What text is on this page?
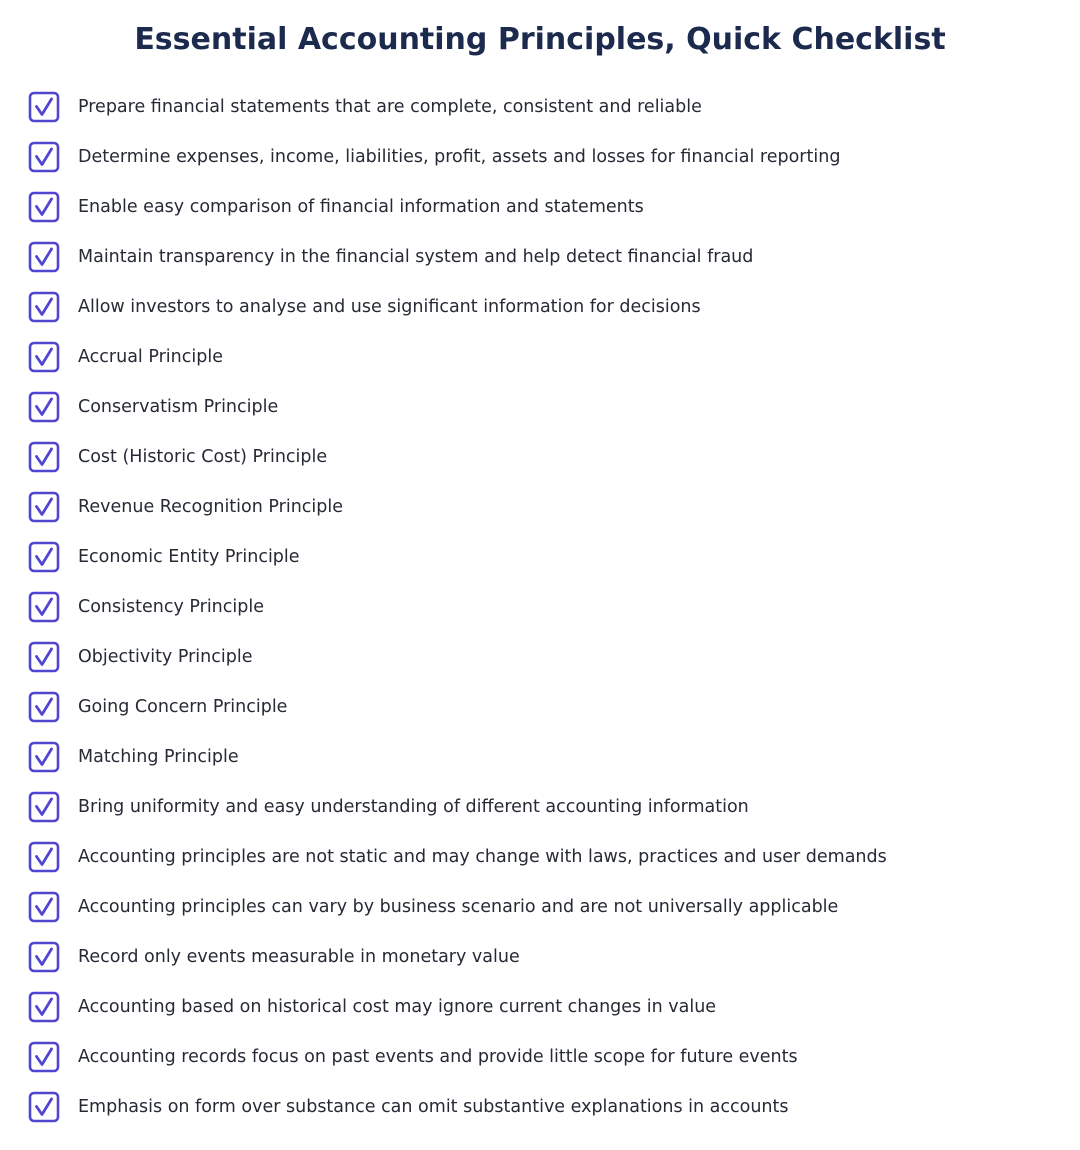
Essential Accounting Principles, Quick Checklist
Prepare financial statements that are complete, consistent and reliable
Determine expenses, income, liabilities, profit, assets and losses for financial reporting
Enable easy comparison of financial information and statements
Maintain transparency in the financial system and help detect financial fraud
Allow investors to analyse and use significant information for decisions
Accrual Principle
Conservatism Principle
Cost (Historic Cost) Principle
Revenue Recognition Principle
Economic Entity Principle
Consistency Principle
Objectivity Principle
Going Concern Principle
Matching Principle
Bring uniformity and easy understanding of different accounting information
Accounting principles are not static and may change with laws, practices and user demands
Accounting principles can vary by business scenario and are not universally applicable
Record only events measurable in monetary value
Accounting based on historical cost may ignore current changes in value
Accounting records focus on past events and provide little scope for future events
Emphasis on form over substance can omit substantive explanations in accounts
